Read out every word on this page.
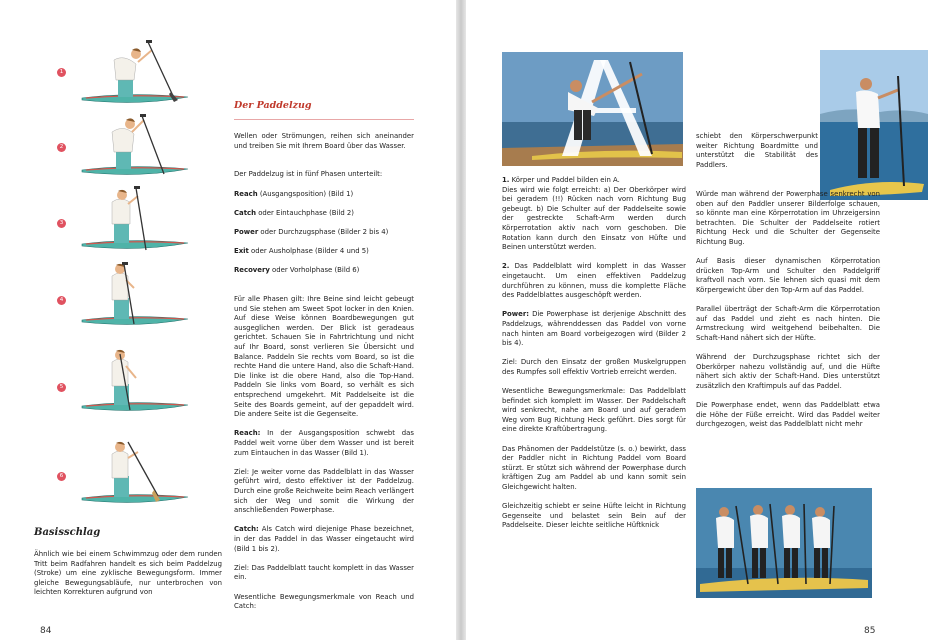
1
2
3
4
5
6
Basisschlag
Ähnlich wie bei einem Schwimmzug oder dem runden Tritt beim Radfahren handelt es sich beim Paddelzug (Stroke) um eine zyklische Bewegungsform. Immer gleiche Bewegungsabläufe, nur unterbrochen von leichten Korrekturen aufgrund von
Der Paddelzug

Wellen oder Strömungen, reihen sich aneinander und treiben Sie mit Ihrem Board über das Wasser.

Der Paddelzug ist in fünf Phasen unterteilt:

Reach (Ausgangsposition) (Bild 1)

Catch oder Eintauchphase (Bild 2)

Power oder Durchzugsphase (Bilder 2 bis 4)

Exit oder Ausholphase (Bilder 4 und 5)

Recovery oder Vorholphase (Bild 6)

Für alle Phasen gilt: Ihre Beine sind leicht gebeugt und Sie stehen am Sweet Spot locker in den Knien. Auf diese Weise können Boardbewegungen gut ausgeglichen werden. Der Blick ist geradeaus gerichtet. Schauen Sie in Fahrtrichtung und nicht auf Ihr Board, sonst verlieren Sie Übersicht und Balance. Paddeln Sie rechts vom Board, so ist die rechte Hand die untere Hand, also die Schaft-Hand. Die linke ist die obere Hand, also die Top-Hand. Paddeln Sie links vom Board, so verhält es sich entsprechend umgekehrt. Mit Paddelseite ist die Seite des Boards gemeint, auf der gepaddelt wird. Die andere Seite ist die Gegenseite.

Reach: In der Ausgangsposition schwebt das Paddel weit vorne über dem Wasser und ist bereit zum Eintauchen in das Wasser (Bild 1).

Ziel: Je weiter vorne das Paddelblatt in das Wasser geführt wird, desto effektiver ist der Paddelzug. Durch eine große Reichweite beim Reach verlängert sich der Weg und somit die Wirkung der anschließenden Powerphase.

Catch: Als Catch wird diejenige Phase bezeichnet, in der das Paddel in das Wasser eingetaucht wird (Bild 1 bis 2).

Ziel: Das Paddelblatt taucht komplett in das Wasser ein.

Wesentliche Bewegungsmerkmale von Reach und Catch:

84

1. Körper und Paddel bilden ein A.
Dies wird wie folgt erreicht: a) Der Oberkörper wird bei geradem (!!) Rücken nach vorn Richtung Bug gebeugt. b) Die Schulter auf der Paddelseite sowie der gestreckte Schaft-Arm werden durch Körperrotation aktiv nach vorn geschoben. Die Rotation kann durch den Einsatz von Hüfte und Beinen unterstützt werden.

2. Das Paddelblatt wird komplett in das Wasser eingetaucht. Um einen effektiven Paddelzug durchführen zu können, muss die komplette Fläche des Paddelblattes ausgeschöpft werden.

Power: Die Powerphase ist derjenige Abschnitt des Paddelzugs, währenddessen das Paddel von vorne nach hinten am Board vorbeigezogen wird (Bilder 2 bis 4).

Ziel: Durch den Einsatz der großen Muskelgruppen des Rumpfes soll effektiv Vortrieb erreicht werden.

Wesentliche Bewegungsmerkmale: Das Paddelblatt befindet sich komplett im Wasser. Der Paddelschaft wird senkrecht, nahe am Board und auf geradem Weg vom Bug Richtung Heck geführt. Dies sorgt für eine direkte Kraftübertragung.

Das Phänomen der Paddelstütze (s. o.) bewirkt, dass der Paddler nicht in Richtung Paddel vom Board stürzt. Er stützt sich während der Powerphase durch kräftigen Zug am Paddel ab und kann somit sein Gleichgewicht halten.

Gleichzeitig schiebt er seine Hüfte leicht in Richtung Gegenseite und belastet sein Bein auf der Paddelseite. Dieser leichte seitliche Hüftknick

schiebt den Körperschwerpunkt weiter Richtung Boardmitte und unterstützt die Stabilität des Paddlers.

Würde man während der Powerphase senkrecht von oben auf den Paddler unserer Bilderfolge schauen, so könnte man eine Körperrotation im Uhrzeigersinn betrachten. Die Schulter der Paddelseite rotiert Richtung Heck und die Schulter der Gegenseite Richtung Bug.

Auf Basis dieser dynamischen Körperrotation drücken Top-Arm und Schulter den Paddelgriff kraftvoll nach vorn. Sie lehnen sich quasi mit dem Körpergewicht über den Top-Arm auf das Paddel.

Parallel überträgt der Schaft-Arm die Körperrotation auf das Paddel und zieht es nach hinten. Die Armstreckung wird weitgehend beibehalten. Die Schaft-Hand nähert sich der Hüfte.

Während der Durchzugsphase richtet sich der Oberkörper nahezu vollständig auf, und die Hüfte nähert sich aktiv der Schaft-Hand. Dies unterstützt zusätzlich den Kraftimpuls auf das Paddel.

Die Powerphase endet, wenn das Paddelblatt etwa die Höhe der Füße erreicht. Wird das Paddel weiter durchgezogen, weist das Paddelblatt nicht mehr

85
